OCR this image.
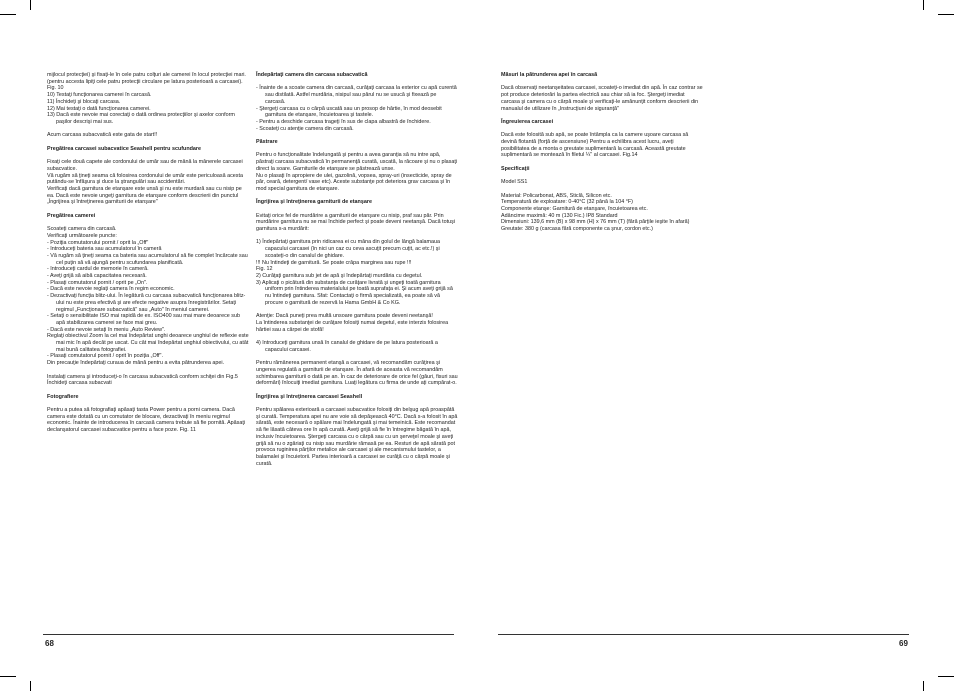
mijlocul protecţiei) şi fixaţi-le în cele patru colţuri ale camerei în locul protecţiei mari. (pentru accesta lipiţi cele patru protecţii circulare pe latura posterioară a carcasei). Fig. 10

10) Testaţi funcţionarea camerei în carcasă.

11) Închideţi şi blocaţi carcasa.

12) Mai testaţi o dată funcţionarea camerei.

13) Dacă este nevoie mai corectaţi o dată ordinea protecţiilor şi axelor conform paşilor descrişi mai sus.

Acum carcasa subacvatică este gata de start!!

Pregătirea carcasei subacvatice Seashell pentru scufundare

Fixaţi cele două capete ale cordonului de umăr sau de mână la mânerele carcasei subacvatice.

Vă rugăm să ţineţi seama că folosirea cordonului de umăr este periculoasă acesta putându-se înfăşura şi duce la ştrangulări sau accidentări.

Verificaţi dacă garnitura de etanşare este unsă şi nu este murdară sau cu nisip pe ea. Dacă este nevoie ungeţi garnitura de etanşare conform descrierii din punctul „Îngrijirea şi întreţinerea garniturii de etanşare"

Pregătirea camerei

Scoateţi camera din carcasă.

Verificaţi următoarele puncte:

- Poziţia comutatorului pornit / oprit la „Off"

- Introduceţi bateria sau acumulatorul în cameră

- Vă rugăm să ţineţi seama ca bateria sau acumulatorul să fie complet încărcate sau cel puţin să vă ajungă pentru scufundarea planificată.

- Introduceţi cardul de memorie în cameră.

- Aveţi grijă să aibă capacitatea necesară.

- Plasaţi comutatorul pornit / oprit pe „On".

- Dacă este nevoie reglaţi camera în regim economic.

- Dezactivaţi funcţia blitz-ului. În legătură cu carcasa subacvatică funcţionarea blitz-ului nu este prea efectivă şi are efecte negative asupra înregistrărilor. Setaţi regimul „Funcţionare subacvatică" sau „Auto" în meniul camerei.

- Setaţi o sensibilitate ISO mai rapidă de ex. ISO400 sau mai mare deoarece sub apă stabilizarea camerei se face mai greu.

- Dacă este nevoie setaţi în meniu „Auto Review".

Reglaţi obiectivul Zoom la cel mai îndepărtat unghi deoarece unghiul de reflexie este mai mic în apă decât pe uscat. Cu cât mai îndepărtat unghiul obiectivului, cu atât mai bună calitatea fotografiei.

- Plasaţi comutatorul pornit / oprit în poziţia „Off".

Din precauţie îndepărtaţi curaua de mână pentru a evita pătrunderea apei.

Instalaţi camera şi introduceţi-o în carcasa subacvatică conform schiţei din Fig.5 Închideţi carcasa subacvati

Fotografiere

Pentru a putea să fotografiaţi apăsaţi tasta Power pentru a porni camera. Dacă camera este dotată cu un comutator de blocare, dezactivaţi în meniu regimul economic. Înainte de introducerea în carcasă camera trebuie să fie pornită. Apăsaţi declanşatorul carcasei subacvatice pentru a face poze. Fig. 11

Îndepărtaţi camera din carcasa subacvatică

- Înainte de a scoate camera din carcasă, curăţaţi carcasa la exterior cu apă curentă sau distilată. Astfel murdăria, nisipul sau părul nu se usucă şi fixează pe carcasă.

- Ştergeţi carcasa cu o cârpă uscată sau un prosop de hârtie, în mod deosebit garnitura de etanşare, încuietoarea şi tastele.

- Pentru a deschide carcasa trageţi în sus de clapa albastră de închidere.

- Scoateţi cu atenţie camera din carcasă.

Păstrare

Pentru o funcţionalitate îndelungată şi pentru a avea garanţia să nu intre apă, păstraţi carcasa subacvatică în permanenţă curată, uscată, la răcoare şi nu o plasaţi direct la soare. Garniturile de etanşare se păstrează unse.

Nu o plasaţi în apropiere de ulei, gazolină, vopsea, spray-uri (insecticide, spray de păr, ceară, detergent/ vase etc). Aceste substanţe pot deteriora grav carcasa şi în mod special garnitura de etanşare.

Îngrijirea şi întreţinerea garniturii de etanşare

Evitaţi orice fel de murdărire a garniturii de etanşare cu nisip, praf sau păr. Prin murdărire garnitura nu se mai închide perfect şi poate deveni neetanşă. Dacă totuşi garnitura s-a murdărit:

1) Îndepărtaţi garnitura prin ridicarea ei cu mâna din golul de lângă balamaua capacului carcasei (în nici un caz cu ceva ascuţit precum cuţit, ac etc.!) şi scoateţi-o din canalul de ghidare.

!!! Nu întindeţi de garnitură. Se poate crăpa marginea sau rupe !!!

Fig. 12

2) Curăţaţi garnitura sub jet de apă şi îndepărtaţi murdăria cu degetul.

3) Aplicaţi o picătură din substanţa de curăţare livrată şi ungeţi toată garnitura uniform prin întinderea materialului pe toată suprafaţa ei. Şi acum aveţi grijă să nu întindeţi garnitura. Sfat: Contactaţi o firmă specializată, ea poate să vă procure o garnitură de rezervă la Hama GmbH & Co KG.

Atenţie: Dacă puneţi prea multă unsoare garnitura poate deveni neetanşă!

La întinderea substanţei de curăţare folosiţi numai degetul, este interzis folosirea hârtiei sau a cârpei de stofă!

4) Introduceţi garnitura unsă în canalul de ghidare de pe latura posterioară a capacului carcasei.

Pentru rămânerea permanent etanşă a carcasei, vă recomandăm curăţirea şi ungerea regulată a garniturii de etanşare. În afară de aceasta vă recomandăm schimbarea garniturii o dată pe an. În caz de deteriorare de orice fel (găuri, fisuri sau deformări) înlocuiţi imediat garnitura. Luaţi legătura cu firma de unde aţi cumpărat-o.

Îngrijirea şi întreţinerea carcasei Seashell

Pentru spălarea exterioară a carcasei subacvatice folosiţi din belşug apă proaspătă şi curată. Temperatura apei nu are voie să depăşească 40°C. Dacă s-a folosit în apă sărată, este necesară o spălare mai îndelungată şi mai temeinică. Este recomandat să fie lăsată câteva ore în apă curată. Aveţi grijă să fie în întregime băgată în apă, inclusiv încuietoarea. Ştergeţi carcasa cu o cârpă sau cu un şerveţel moale şi aveţi grijă să nu o zgâriaţi cu nisip sau murdărie rămasă pe ea. Resturi de apă sărată pot provoca ruginirea părţilor metalice ale carcasei şi ale mecanismului tastelor, a balamalei şi încuietorii. Partea interioară a carcasei se curăţă cu o cârpă moale şi curată.

Măsuri la pătrunderea apei în carcasă

Dacă observaţi neetanşeitatea carcasei, scoateţi-o imediat din apă. În caz contrar se pot produce deteriorări la partea electrică sau chiar să ia foc. Ştergeţi imediat carcasa şi camera cu o cârpă moale şi verificaţi-le amănunţit conform descrierii din manualul de utilizare în „Instrucţiuni de siguranţă"

Îngreuierea carcasei

Dacă este folosită sub apă, se poate întâmpla ca la camere uşoare carcasa să devină flotantă (forţă de ascensiune) Pentru a echilibra acest lucru, aveţi posibilitatea de a monta o greutate suplimentară la carcasă. Această greutate suplimentară se montează în filetul ¼" al carcasei. Fig.14

Specificaţii

Model SS1

Material: Policarbonat, ABS, Sticlă, Silicon etc.

Temperatură de exploatare: 0-40°C (32 până la 104 °F)

Componente etanşe: Garnitură de etanşare, încuietoarea etc.

Adâncime maximă: 40 m (130 Fic.) IP8 Standard

Dimensiuni: 139,6 mm (B) x 98 mm (H) x 76 mm (T) (fără părţile ieşite în afară)

Greutate: 380 g (carcasa fără componente ca şnur, cordon etc.)

68	69
